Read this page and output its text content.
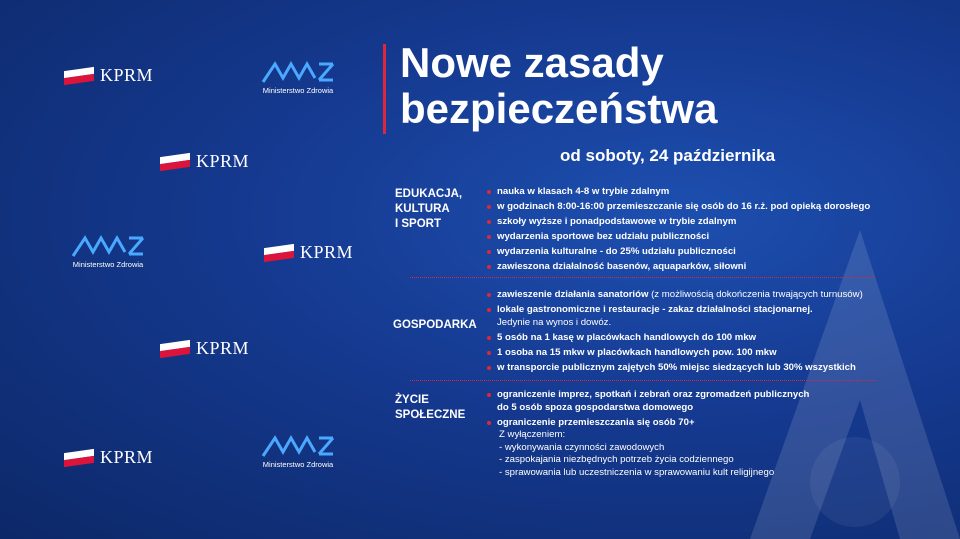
KPRM
KPRM
KPRM
KPRM
KPRM
Ministerstwo Zdrowia
Ministerstwo Zdrowia
Ministerstwo Zdrowia
Nowe zasady
bezpieczeństwa
od soboty, 24 października
EDUKACJA,
KULTURA
I SPORT
nauka w klasach 4-8 w trybie zdalnym
w godzinach 8:00-16:00 przemieszczanie się osób do 16 r.ż. pod opieką dorosłego
szkoły wyższe i ponadpodstawowe w trybie zdalnym
wydarzenia sportowe bez udziału publiczności
wydarzenia kulturalne - do 25% udziału publiczności
zawieszona działalność basenów, aquaparków, siłowni
GOSPODARKA
zawieszenie działania sanatoriów (z możliwością dokończenia trwających turnusów)
lokale gastronomiczne i restauracje - zakaz działalności stacjonarnej.
Jedynie na wynos i dowóz.
5 osób na 1 kasę w placówkach handlowych do 100 mkw
1 osoba na 15 mkw w placówkach handlowych pow. 100 mkw
w transporcie publicznym zajętych 50% miejsc siedzących lub 30% wszystkich
ŻYCIE
SPOŁECZNE
ograniczenie imprez, spotkań i zebrań oraz zgromadzeń publicznych
do 5 osób spoza gospodarstwa domowego
ograniczenie przemieszczania się osób 70+
Z wyłączeniem:
- wykonywania czynności zawodowych
- zaspokajania niezbędnych potrzeb życia codziennego
- sprawowania lub uczestniczenia w sprawowaniu kult religijnego
